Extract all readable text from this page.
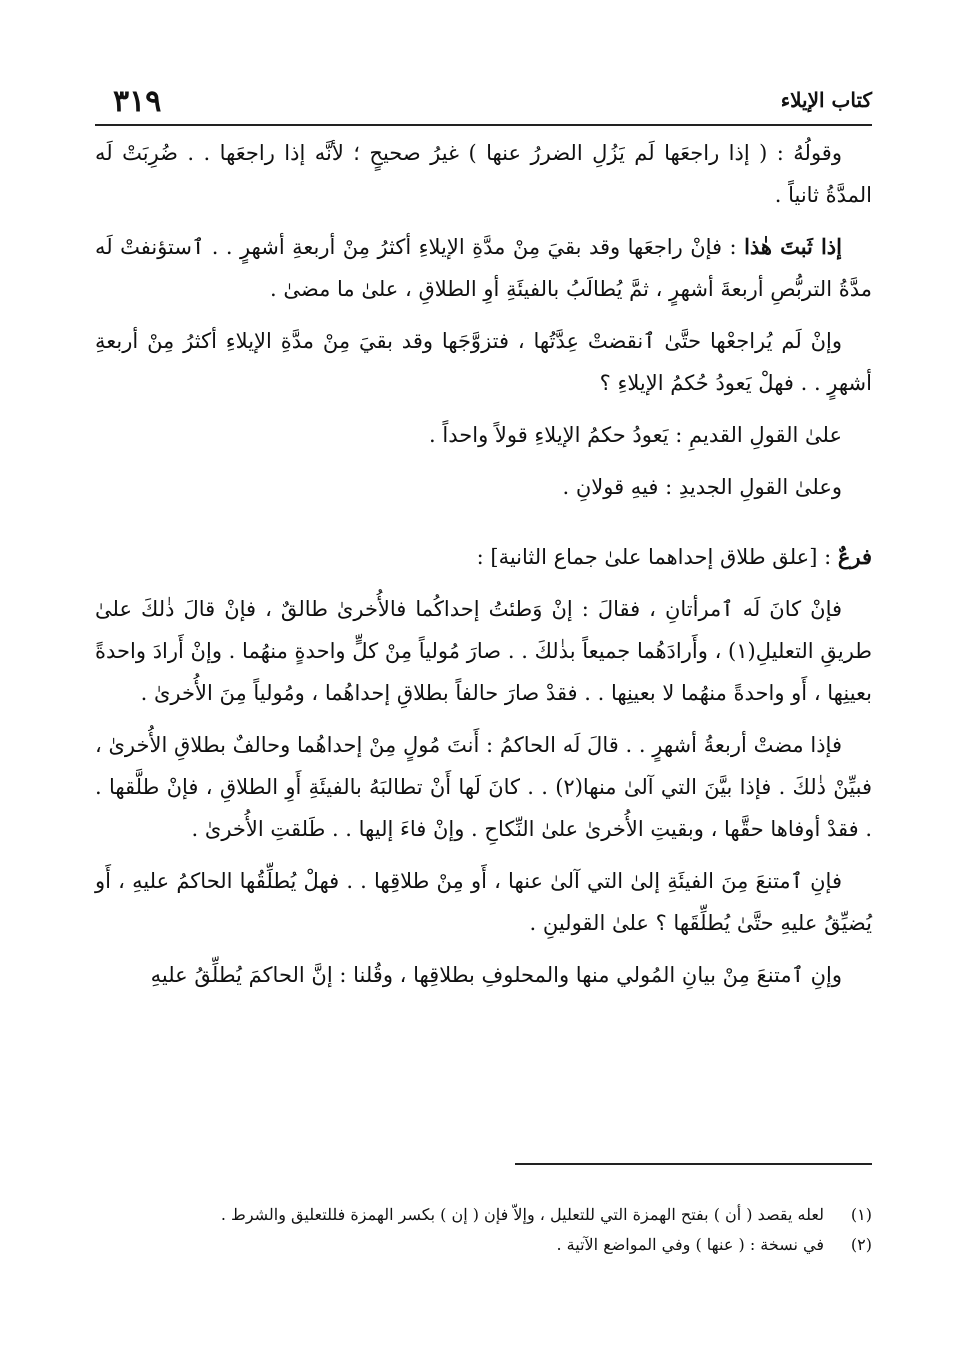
٣١٩	كتاب الإيلاء

وقولُهُ : ( إذا راجعَها لَم يَزُلِ الضررُ عنها ) غيرُ صحيحٍ ؛ لأنَّه إذا راجعَها . . ضُرِبَتْ لَه المدَّةُ ثانياً .

إذا ثَبتَ هٰذا : فإنْ راجعَها وقد بقيَ مِنْ مدَّةِ الإيلاءِ أكثرُ مِنْ أربعةِ أشهرٍ . . ٱستؤنفتْ لَه مدَّةُ التربُّصِ أربعةَ أشهرٍ ، ثمَّ يُطالَبُ بالفيئَةِ أوِ الطلاقِ ، علىٰ ما مضىٰ .

وإنْ لَم يُراجعْها حتَّىٰ ٱنقضتْ عِدَّتُها ، فتزوَّجَها وقد بقيَ مِنْ مدَّةِ الإيلاءِ أكثرُ مِنْ أربعةِ أشهرٍ . . فهلْ يَعودُ حُكمُ الإيلاءِ ؟

علىٰ القولِ القديمِ : يَعودُ حكمُ الإيلاءِ قولاً واحداً .

وعلىٰ القولِ الجديدِ : فيهِ قولانِ .

فرعٌ : [علق طلاق إحداهما علىٰ جماع الثانية] :

فإنْ كانَ لَه ٱمرأتانِ ، فقالَ : إنْ وَطئتُ إحداكُما فالأُخرىٰ طالقٌ ، فإنْ قالَ ذٰلكَ علىٰ طريقِ التعليلِ(١) ، وأَرادَهُما جميعاً بذٰلكَ . . صارَ مُولياً مِنْ كلٍّ واحدةٍ منهُما . وإنْ أَرادَ واحدةً بعينِها ، أَو واحدةً منهُما لا بعينِها . . فقدْ صارَ حالفاً بطلاقِ إحداهُما ، ومُولياً مِنَ الأُخرىٰ .

فإذا مضتْ أربعةُ أشهرٍ . . قالَ لَه الحاكمُ : أَنتَ مُولٍ مِنْ إحداهُما وحالفٌ بطلاقِ الأُخرىٰ ، فبيِّنْ ذٰلكَ . فإذا بيَّنَ التي آلىٰ منها(٢) . . كانَ لَها أَنْ تطالبَهُ بالفيئَةِ أَوِ الطلاقِ ، فإنْ طلَّقها . . فقدْ أوفاها حقَّها ، وبقيتِ الأُخرىٰ علىٰ النِّكاحِ . وإنْ فاءَ إليها . . طَلقتِ الأُخرىٰ .

فإنِ ٱمتنعَ مِنَ الفيئَةِ إلىٰ التي آلىٰ عنها ، أَو مِنْ طلاقِها . . فهلْ يُطلِّقُها الحاكمُ عليهِ ، أَو يُضيِّقُ عليهِ حتَّىٰ يُطلِّقَها ؟ علىٰ القولينِ .

وإنِ ٱمتنعَ مِنْ بيانِ المُولي منها والمحلوفِ بطلاقِها ، وقُلنا : إنَّ الحاكمَ يُطلِّقُ عليهِ

(١)لعله يقصد ( أن ) بفتح الهمزة التي للتعليل ، وإلاّ فإن ( إن ) بكسر الهمزة فللتعليق والشرط .

(٢)في نسخة : ( عنها ) وفي المواضع الآتية .
